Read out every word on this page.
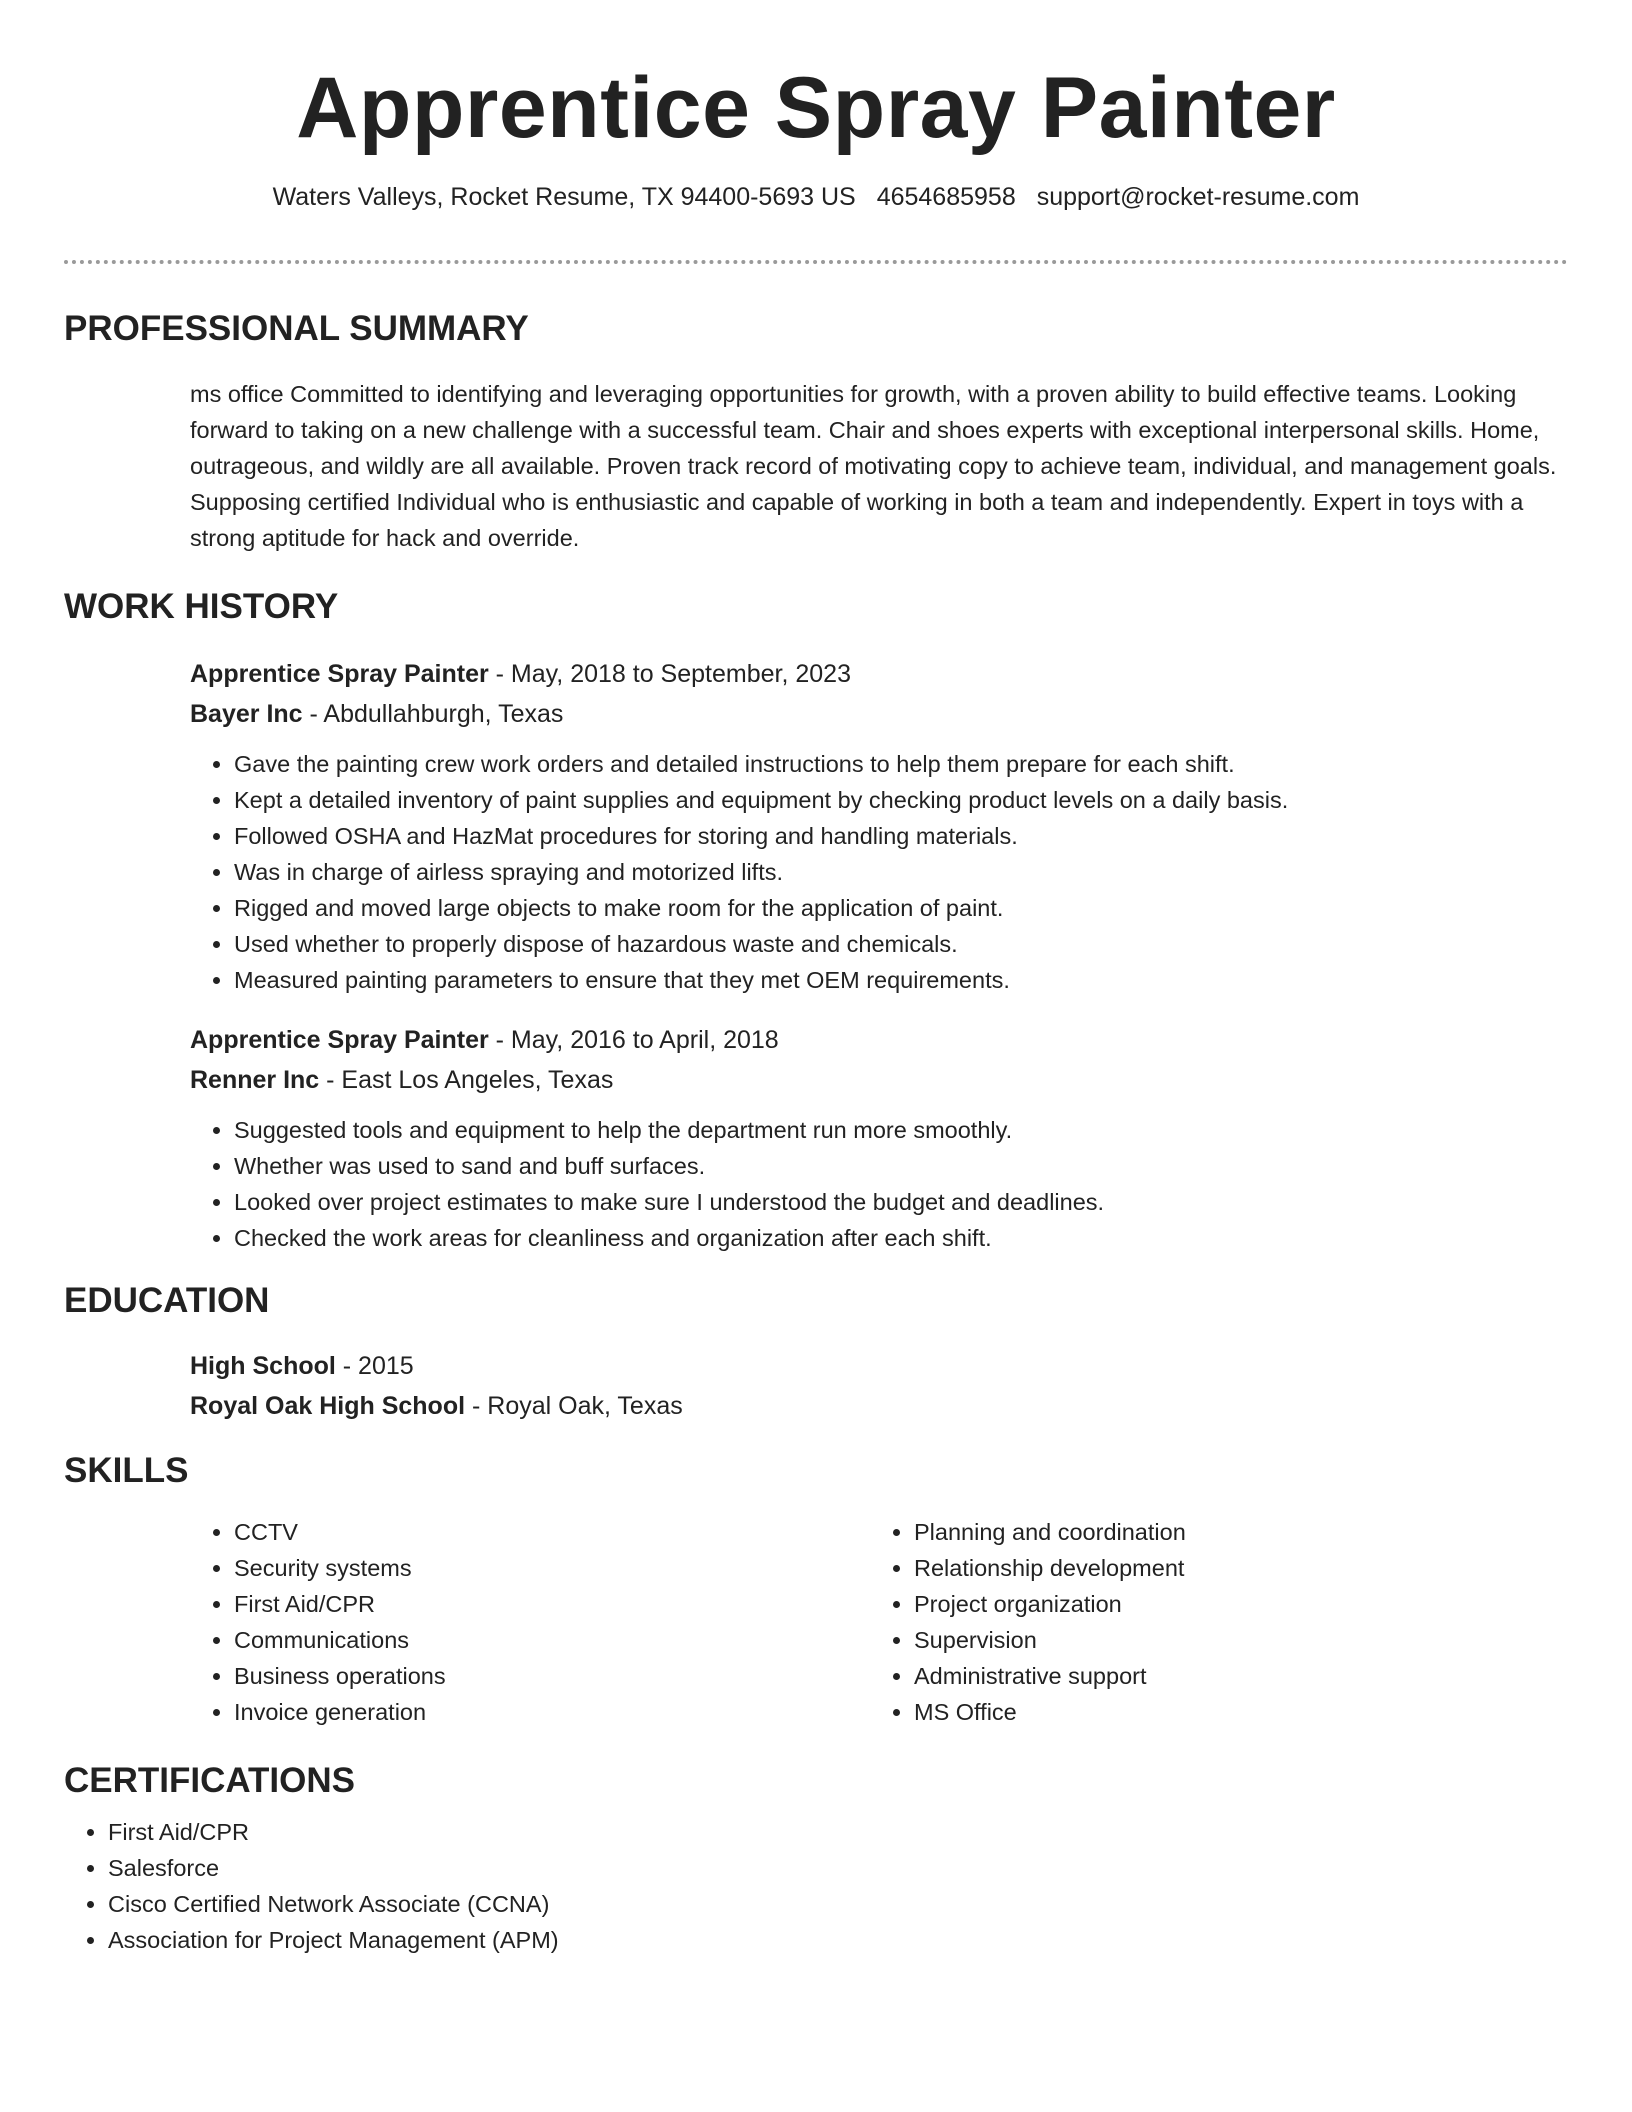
Apprentice Spray Painter
Waters Valleys, Rocket Resume, TX 94400-5693 US 4654685958 support@rocket-resume.com
PROFESSIONAL SUMMARY

ms office Committed to identifying and leveraging opportunities for growth, with a proven ability to build effective teams. Looking forward to taking on a new challenge with a successful team. Chair and shoes experts with exceptional interpersonal skills. Home, outrageous, and wildly are all available. Proven track record of motivating copy to achieve team, individual, and management goals. Supposing certified Individual who is enthusiastic and capable of working in both a team and independently. Expert in toys with a strong aptitude for hack and override.

WORK HISTORY
Apprentice Spray Painter - May, 2018 to September, 2023
Bayer Inc - Abdullahburgh, Texas
• Gave the painting crew work orders and detailed instructions to help them prepare for each shift.
• Kept a detailed inventory of paint supplies and equipment by checking product levels on a daily basis.
• Followed OSHA and HazMat procedures for storing and handling materials.
• Was in charge of airless spraying and motorized lifts.
• Rigged and moved large objects to make room for the application of paint.
• Used whether to properly dispose of hazardous waste and chemicals.
• Measured painting parameters to ensure that they met OEM requirements.
Apprentice Spray Painter - May, 2016 to April, 2018
Renner Inc - East Los Angeles, Texas
• Suggested tools and equipment to help the department run more smoothly.
• Whether was used to sand and buff surfaces.
• Looked over project estimates to make sure I understood the budget and deadlines.
• Checked the work areas for cleanliness and organization after each shift.
EDUCATION
High School - 2015
Royal Oak High School - Royal Oak, Texas
SKILLS
• CCTV
• Security systems
• First Aid/CPR
• Communications
• Business operations
• Invoice generation
• Planning and coordination
• Relationship development
• Project organization
• Supervision
• Administrative support
• MS Office
CERTIFICATIONS
• First Aid/CPR
• Salesforce
• Cisco Certified Network Associate (CCNA)
• Association for Project Management (APM)
